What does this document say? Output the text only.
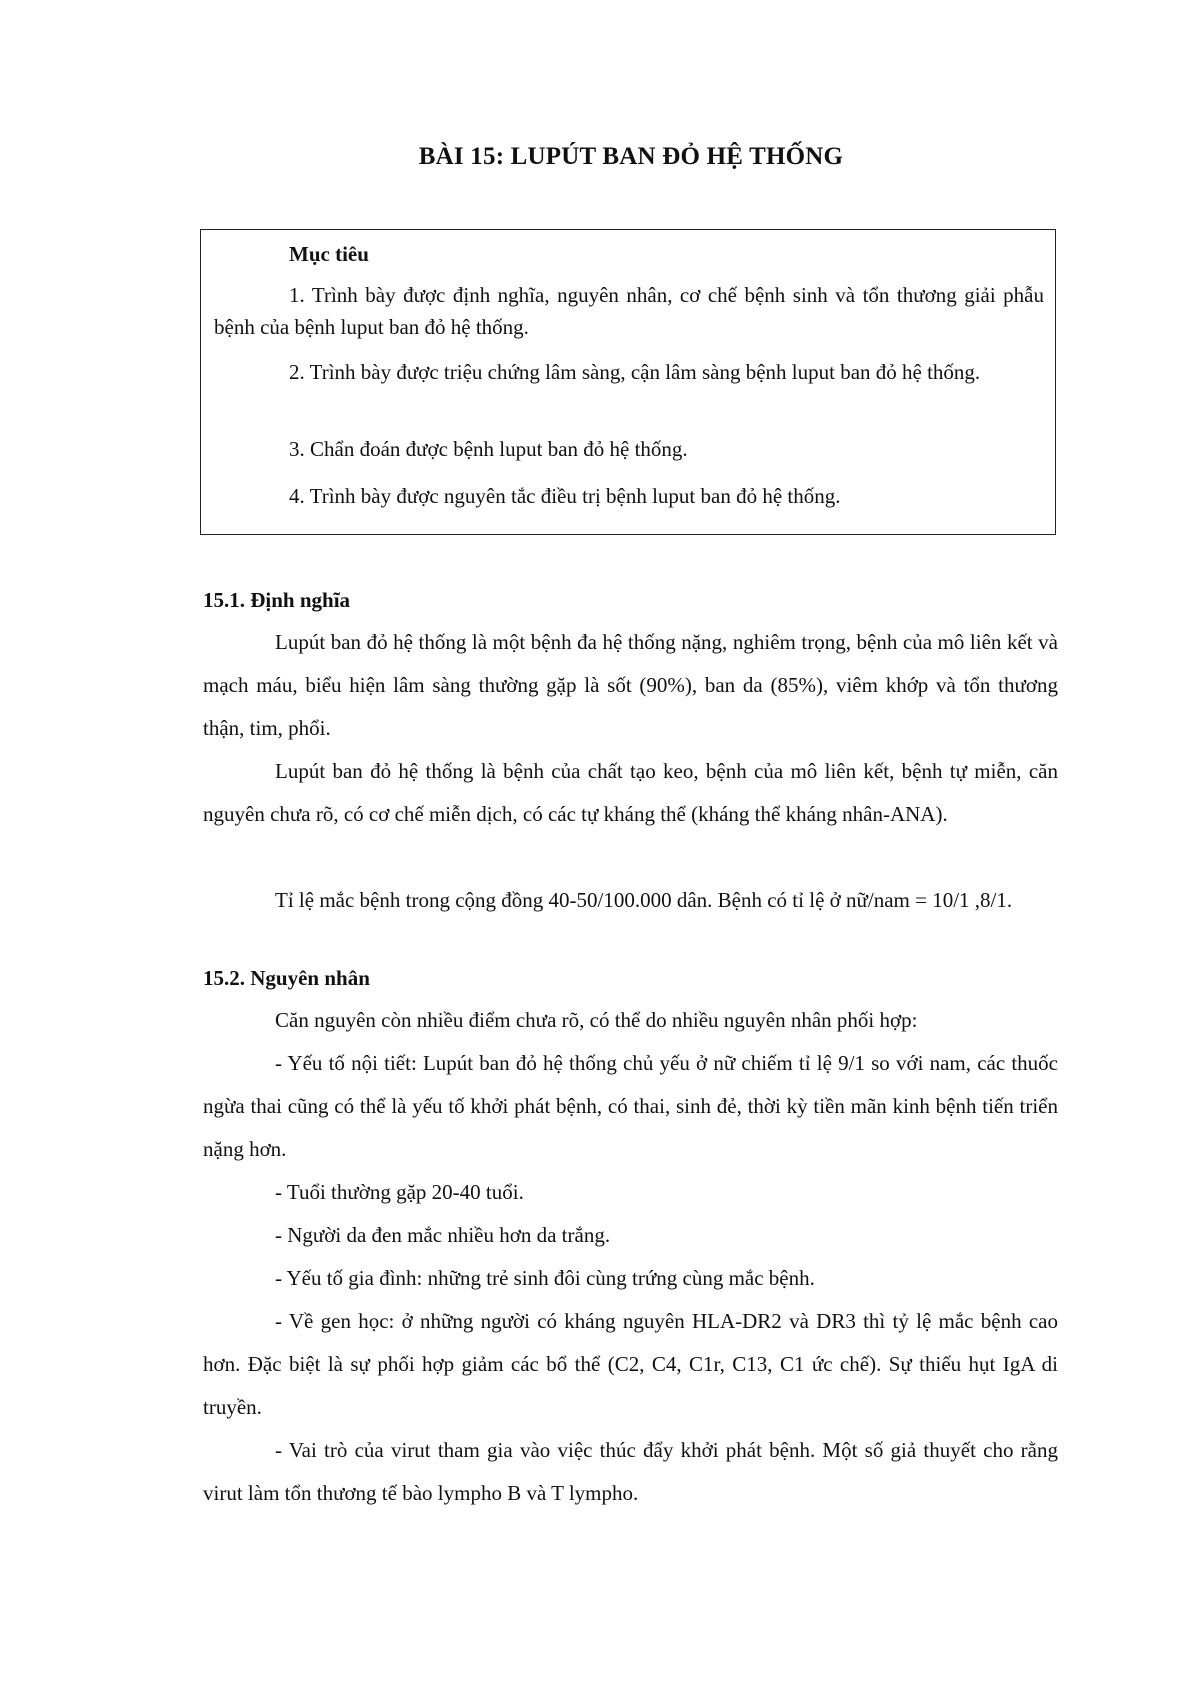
BÀI 15: LUPÚT BAN ĐỎ HỆ THỐNG
Mục tiêu

1. Trình bày được định nghĩa, nguyên nhân, cơ chế bệnh sinh và tổn thương giải phẫu bệnh của bệnh luput ban đỏ hệ thống.

2. Trình bày được triệu chứng lâm sàng, cận lâm sàng bệnh luput ban đỏ hệ thống.

3. Chẩn đoán được bệnh luput ban đỏ hệ thống.

4. Trình bày được nguyên tắc điều trị bệnh luput ban đỏ hệ thống.

15.1. Định nghĩa

Lupút ban đỏ hệ thống là một bệnh đa hệ thống nặng, nghiêm trọng, bệnh của mô liên kết và mạch máu, biểu hiện lâm sàng thường gặp là sốt (90%), ban da (85%), viêm khớp và tổn thương thận, tim, phổi.

Lupút ban đỏ hệ thống là bệnh của chất tạo keo, bệnh của mô liên kết, bệnh tự miễn, căn nguyên chưa rõ, có cơ chế miễn dịch, có các tự kháng thể (kháng thể kháng nhân-ANA).

Tỉ lệ mắc bệnh trong cộng đồng 40-50/100.000 dân. Bệnh có tỉ lệ ở nữ/nam = 10/1 ,8/1.

15.2. Nguyên nhân

Căn nguyên còn nhiều điểm chưa rõ, có thể do nhiều nguyên nhân phối hợp:

- Yếu tố nội tiết: Lupút ban đỏ hệ thống chủ yếu ở nữ chiếm tỉ lệ 9/1 so với nam, các thuốc ngừa thai cũng có thể là yếu tố khởi phát bệnh, có thai, sinh đẻ, thời kỳ tiền mãn kinh bệnh tiến triển nặng hơn.

- Tuổi thường gặp 20-40 tuổi.

- Người da đen mắc nhiều hơn da trắng.

- Yếu tố gia đình: những trẻ sinh đôi cùng trứng cùng mắc bệnh.

- Về gen học: ở những người có kháng nguyên HLA-DR2 và DR3 thì tỷ lệ mắc bệnh cao hơn. Đặc biệt là sự phối hợp giảm các bổ thể (C2, C4, C1r, C13, C1 ức chế). Sự thiếu hụt IgA di truyền.

- Vai trò của virut tham gia vào việc thúc đẩy khởi phát bệnh. Một số giả thuyết cho rằng virut làm tổn thương tế bào lympho B và T lympho.
